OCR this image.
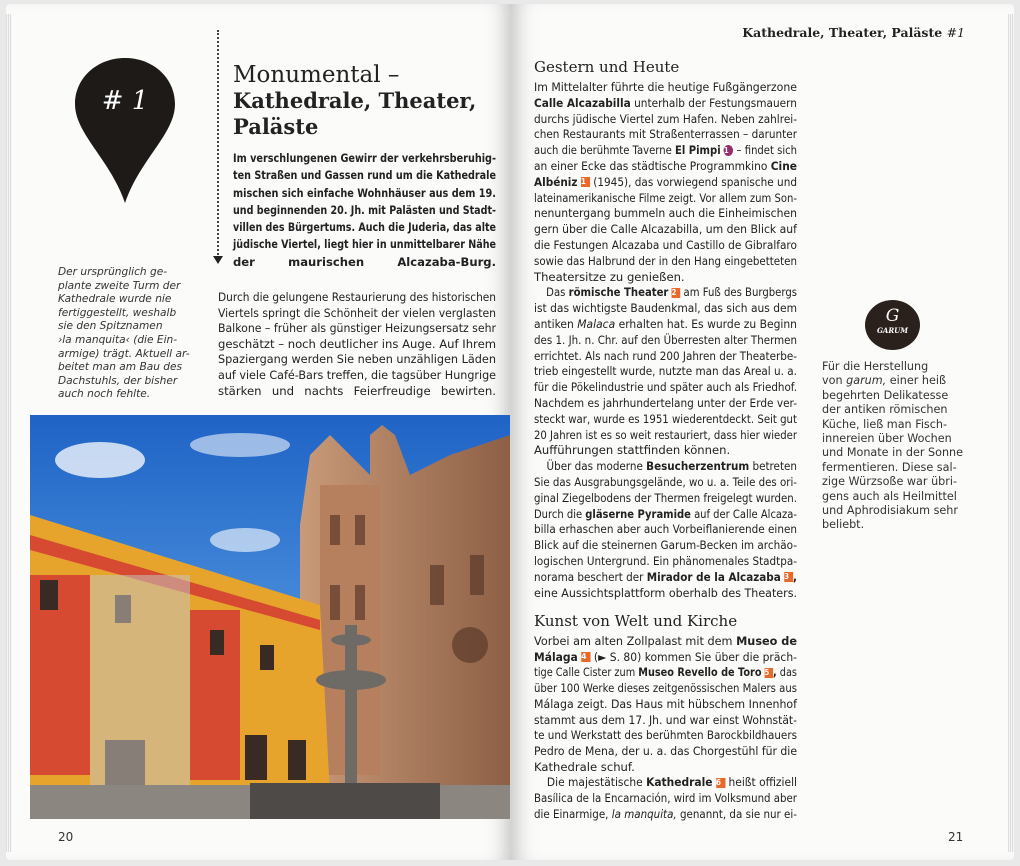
# 1
Monumental –
Kathedrale, Theater,
Paläste
Im verschlungenen Gewirr der verkehrsberuhig-
ten Straßen und Gassen rund um die Kathedrale
mischen sich einfache Wohnhäuser aus dem 19.
und beginnenden 20. Jh. mit Palästen und Stadt-
villen des Bürgertums. Auch die Juderia, das alte
jüdische Viertel, liegt hier in unmittelbarer Nähe
der maurischen Alcazaba-Burg.
Durch die gelungene Restaurierung des historischen
Viertels springt die Schönheit der vielen verglasten
Balkone – früher als günstiger Heizungsersatz sehr
geschätzt – noch deutlicher ins Auge. Auf Ihrem
Spaziergang werden Sie neben unzähligen Läden
auf viele Café-Bars treffen, die tagsüber Hungrige
stärken und nachts Feierfreudige bewirten.
Der ursprünglich ge-
plante zweite Turm der
Kathedrale wurde nie
fertiggestellt, weshalb
sie den Spitznamen
›la manquita‹ (die Ein-
armige) trägt. Aktuell ar-
beitet man am Bau des
Dachstuhls, der bisher
auch noch fehlte.
20
Kathedrale, Theater, Paläste #1
Gestern und Heute
Im Mittelalter führte die heutige Fußgängerzone
Calle Alcazabilla unterhalb der Festungsmauern
durchs jüdische Viertel zum Hafen. Neben zahlrei-
chen Restaurants mit Straßenterrassen – darunter
auch die berühmte Taverne El Pimpi 1 – findet sich
an einer Ecke das städtische Programmkino Cine
Albéniz 1 (1945), das vorwiegend spanische und
lateinamerikanische Filme zeigt. Vor allem zum Son-
nenuntergang bummeln auch die Einheimischen
gern über die Calle Alcazabilla, um den Blick auf
die Festungen Alcazaba und Castillo de Gibralfaro
sowie das Halbrund der in den Hang eingebetteten
Theatersitze zu genießen.
Das römische Theater 2 am Fuß des Burgbergs
ist das wichtigste Baudenkmal, das sich aus dem
antiken Malaca erhalten hat. Es wurde zu Beginn
des 1. Jh. n. Chr. auf den Überresten alter Thermen
errichtet. Als nach rund 200 Jahren der Theaterbe-
trieb eingestellt wurde, nutzte man das Areal u. a.
für die Pökelindustrie und später auch als Friedhof.
Nachdem es jahrhundertelang unter der Erde ver-
steckt war, wurde es 1951 wiederentdeckt. Seit gut
20 Jahren ist es so weit restauriert, dass hier wieder
Aufführungen stattfinden können.
Über das moderne Besucherzentrum betreten
Sie das Ausgrabungsgelände, wo u. a. Teile des ori-
ginal Ziegelbodens der Thermen freigelegt wurden.
Durch die gläserne Pyramide auf der Calle Alcaza-
billa erhaschen aber auch Vorbeiflanierende einen
Blick auf die steinernen Garum-Becken im archäo-
logischen Untergrund. Ein phänomenales Stadtpa-
norama beschert der Mirador de la Alcazaba 3 ,
eine Aussichtsplattform oberhalb des Theaters.
Kunst von Welt und Kirche
Vorbei am alten Zollpalast mit dem Museo de
Málaga 4 (► S. 80) kommen Sie über die präch-
tige Calle Cister zum Museo Revello de Toro 5 , das
über 100 Werke dieses zeitgenössischen Malers aus
Málaga zeigt. Das Haus mit hübschem Innenhof
stammt aus dem 17. Jh. und war einst Wohnstät-
te und Werkstatt des berühmten Barockbildhauers
Pedro de Mena, der u. a. das Chorgestühl für die
Kathedrale schuf.
Die majestätische Kathedrale 6 heißt offiziell
Basílica de la Encarnación, wird im Volksmund aber
die Einarmige, la manquita, genannt, da sie nur ei-
G
GARUM
Für die Herstellung
von garum, einer heiß
begehrten Delikatesse
der antiken römischen
Küche, ließ man Fisch-
innereien über Wochen
und Monate in der Sonne
fermentieren. Diese sal-
zige Würzsoße war übri-
gens auch als Heilmittel
und Aphrodisiakum sehr
beliebt.
21
